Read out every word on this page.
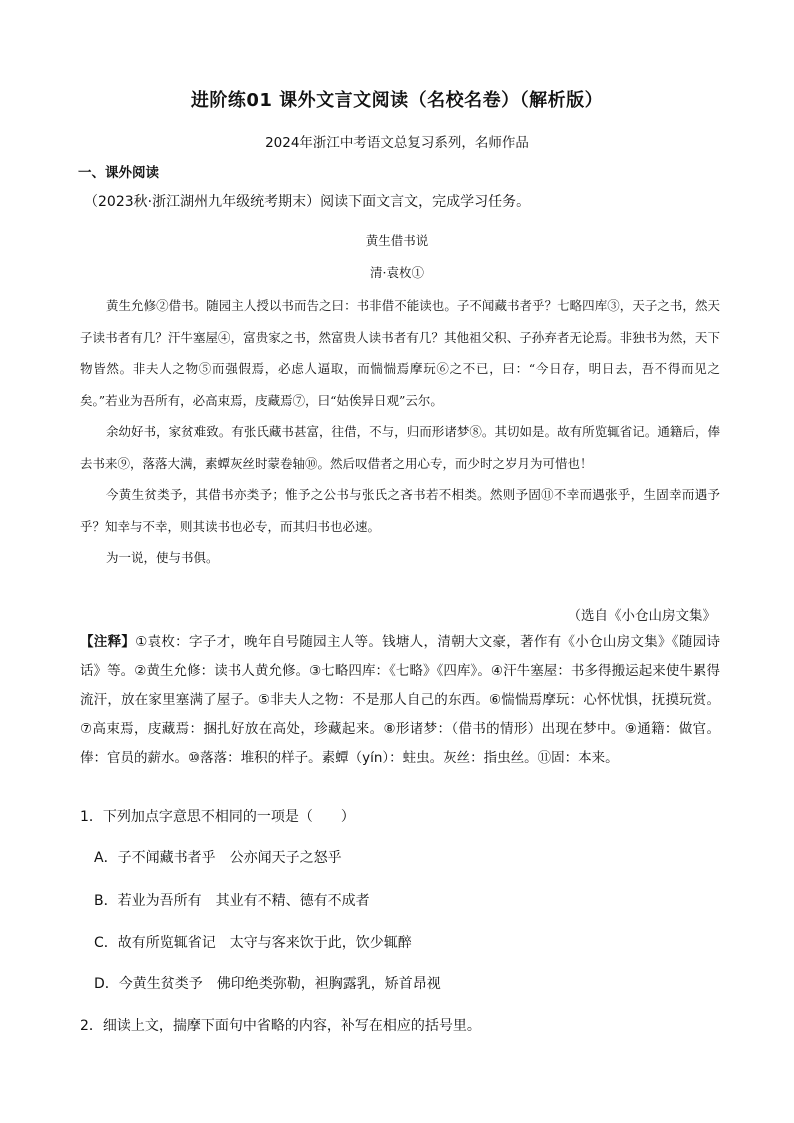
进阶练01 课外文言文阅读（名校名卷）（解析版）
2024年浙江中考语文总复习系列，名师作品
一、课外阅读
（2023秋·浙江湖州九年级统考期末）阅读下面文言文，完成学习任务。
黄生借书说
清·袁枚①

黄生允修②借书。随园主人授以书而告之曰：书非借不能读也。子不闻藏书者乎？七略四库③，天子之书，然天子读书者有几？汗牛塞屋④，富贵家之书，然富贵人读书者有几？其他祖父积、子孙弃者无论焉。非独书为然，天下物皆然。非夫人之物⑤而强假焉，必虑人逼取，而惴惴焉摩玩⑥之不已，曰：“今日存，明日去，吾不得而见之矣。”若业为吾所有，必高束焉，庋藏焉⑦，曰“姑俟异日观”云尔。

余幼好书，家贫难致。有张氏藏书甚富，往借，不与，归而形诸梦⑧。其切如是。故有所览辄省记。通籍后，俸去书来⑨，落落大满，素蟫灰丝时蒙卷轴⑩。然后叹借者之用心专，而少时之岁月为可惜也！

今黄生贫类予，其借书亦类予；惟予之公书与张氏之吝书若不相类。然则予固⑪不幸而遇张乎，生固幸而遇予乎？知幸与不幸，则其读书也必专，而其归书也必速。

为一说，使与书俱。

（选自《小仓山房文集》
【注释】①袁枚：字子才，晚年自号随园主人等。钱塘人，清朝大文豪，著作有《小仓山房文集》《随园诗话》等。②黄生允修：读书人黄允修。③七略四库：《七略》《四库》。④汗牛塞屋：书多得搬运起来使牛累得流汗，放在家里塞满了屋子。⑤非夫人之物：不是那人自己的东西。⑥惴惴焉摩玩：心怀忧惧，抚摸玩赏。⑦高束焉，庋藏焉：捆扎好放在高处，珍藏起来。⑧形诸梦：（借书的情形）出现在梦中。⑨通籍：做官。俸：官员的薪水。⑩落落：堆积的样子。素蟫（yín）：蛀虫。灰丝：指虫丝。⑪固：本来。
1．下列加点字意思不相同的一项是（　　）
A．子不闻藏书者乎　公亦闻天子之怒乎
B．若业为吾所有　其业有不精、德有不成者
C．故有所览辄省记　太守与客来饮于此，饮少辄醉
D．今黄生贫类予　佛印绝类弥勒，袒胸露乳，矫首昂视
2．细读上文，揣摩下面句中省略的内容，补写在相应的括号里。
